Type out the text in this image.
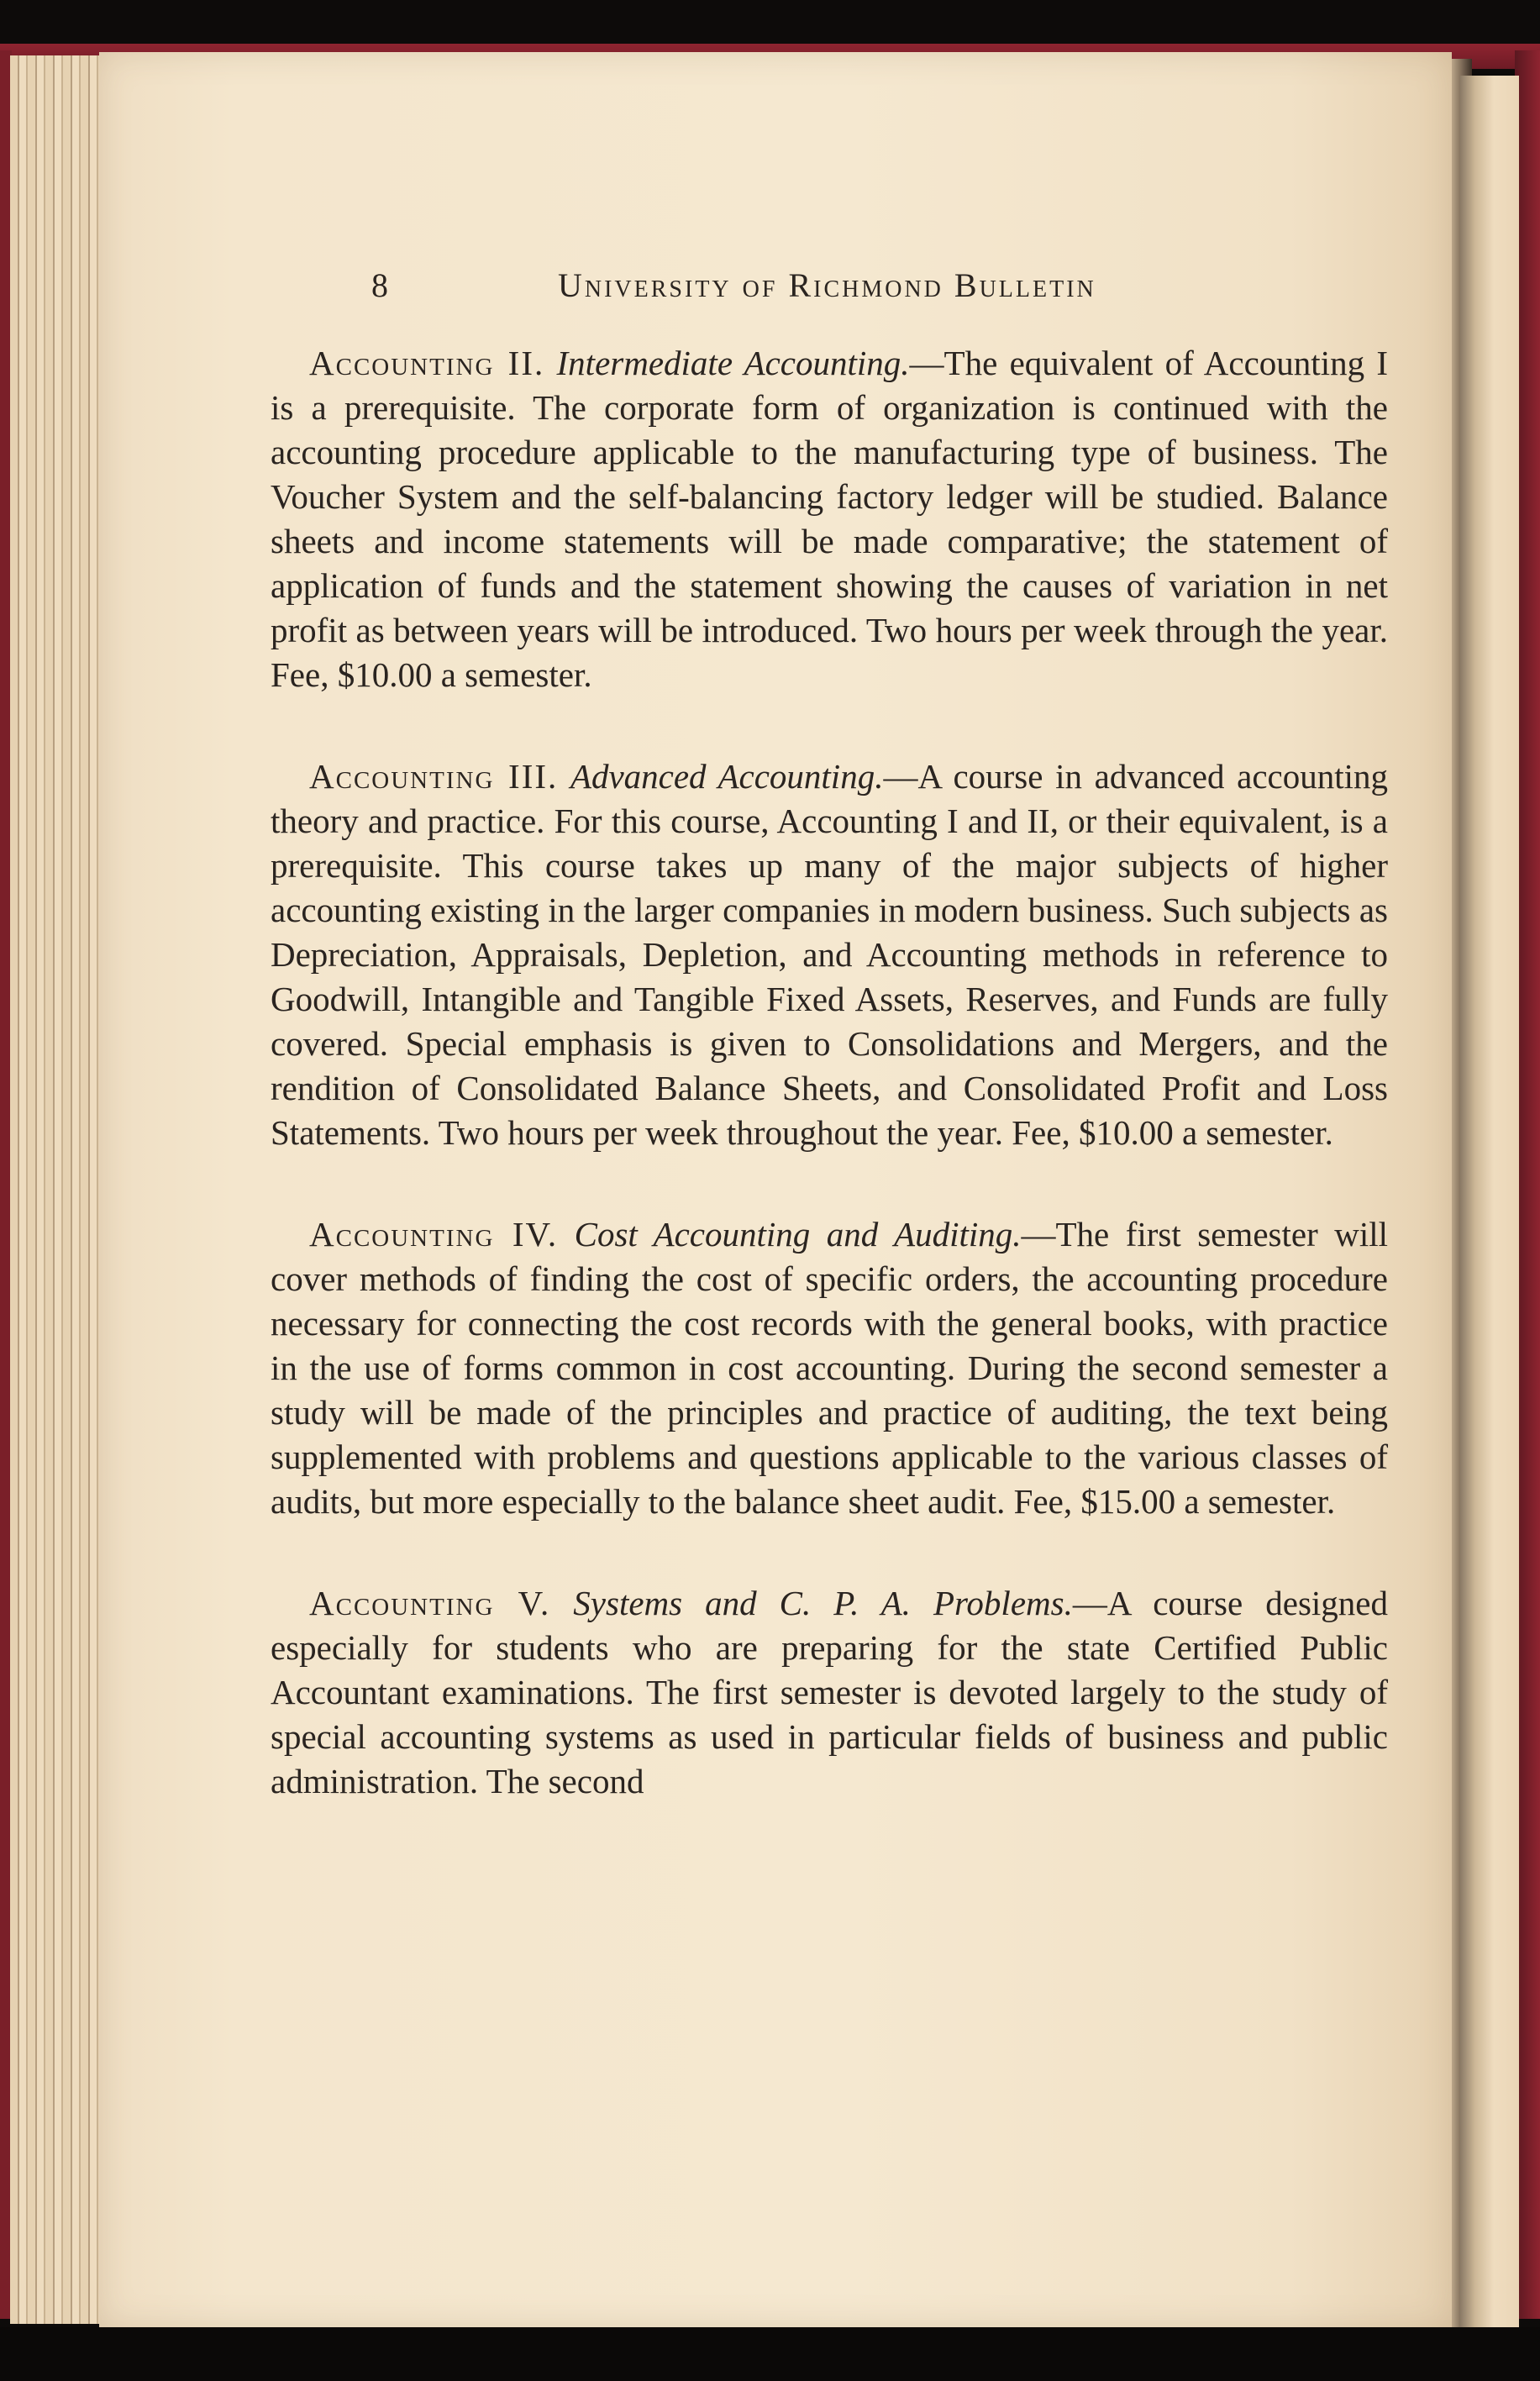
8	University of Richmond Bulletin

Accounting II. Intermediate Accounting.—The equivalent of Accounting I is a prerequisite. The corporate form of organization is continued with the accounting procedure applicable to the manufacturing type of business. The Voucher System and the self-balancing factory ledger will be studied. Balance sheets and income statements will be made comparative; the statement of application of funds and the statement showing the causes of variation in net profit as between years will be introduced. Two hours per week through the year. Fee, $10.00 a semester.

Accounting III. Advanced Accounting.—A course in advanced accounting theory and practice. For this course, Accounting I and II, or their equivalent, is a prerequisite. This course takes up many of the major subjects of higher accounting existing in the larger companies in modern business. Such subjects as Depreciation, Appraisals, Depletion, and Accounting methods in reference to Goodwill, Intangible and Tangible Fixed Assets, Reserves, and Funds are fully covered. Special emphasis is given to Consolidations and Mergers, and the rendition of Consolidated Balance Sheets, and Consolidated Profit and Loss Statements. Two hours per week throughout the year. Fee, $10.00 a semester.

Accounting IV. Cost Accounting and Auditing.—The first semester will cover methods of finding the cost of specific orders, the accounting procedure necessary for connecting the cost records with the general books, with practice in the use of forms common in cost accounting. During the second semester a study will be made of the principles and practice of auditing, the text being supplemented with problems and questions applicable to the various classes of audits, but more especially to the balance sheet audit. Fee, $15.00 a semester.

Accounting V. Systems and C. P. A. Problems.—A course designed especially for students who are preparing for the state Certified Public Accountant examinations. The first semester is devoted largely to the study of special accounting systems as used in particular fields of business and public administration. The second
